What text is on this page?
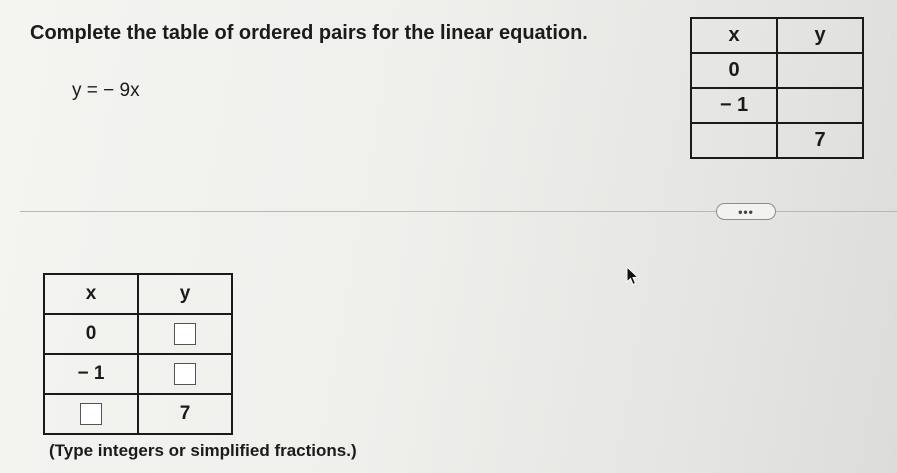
Complete the table of ordered pairs for the linear equation.
y = − 9x
x	y
0	
− 1	
	7
•••
x	y
0	
− 1	
	7
(Type integers or simplified fractions.)
